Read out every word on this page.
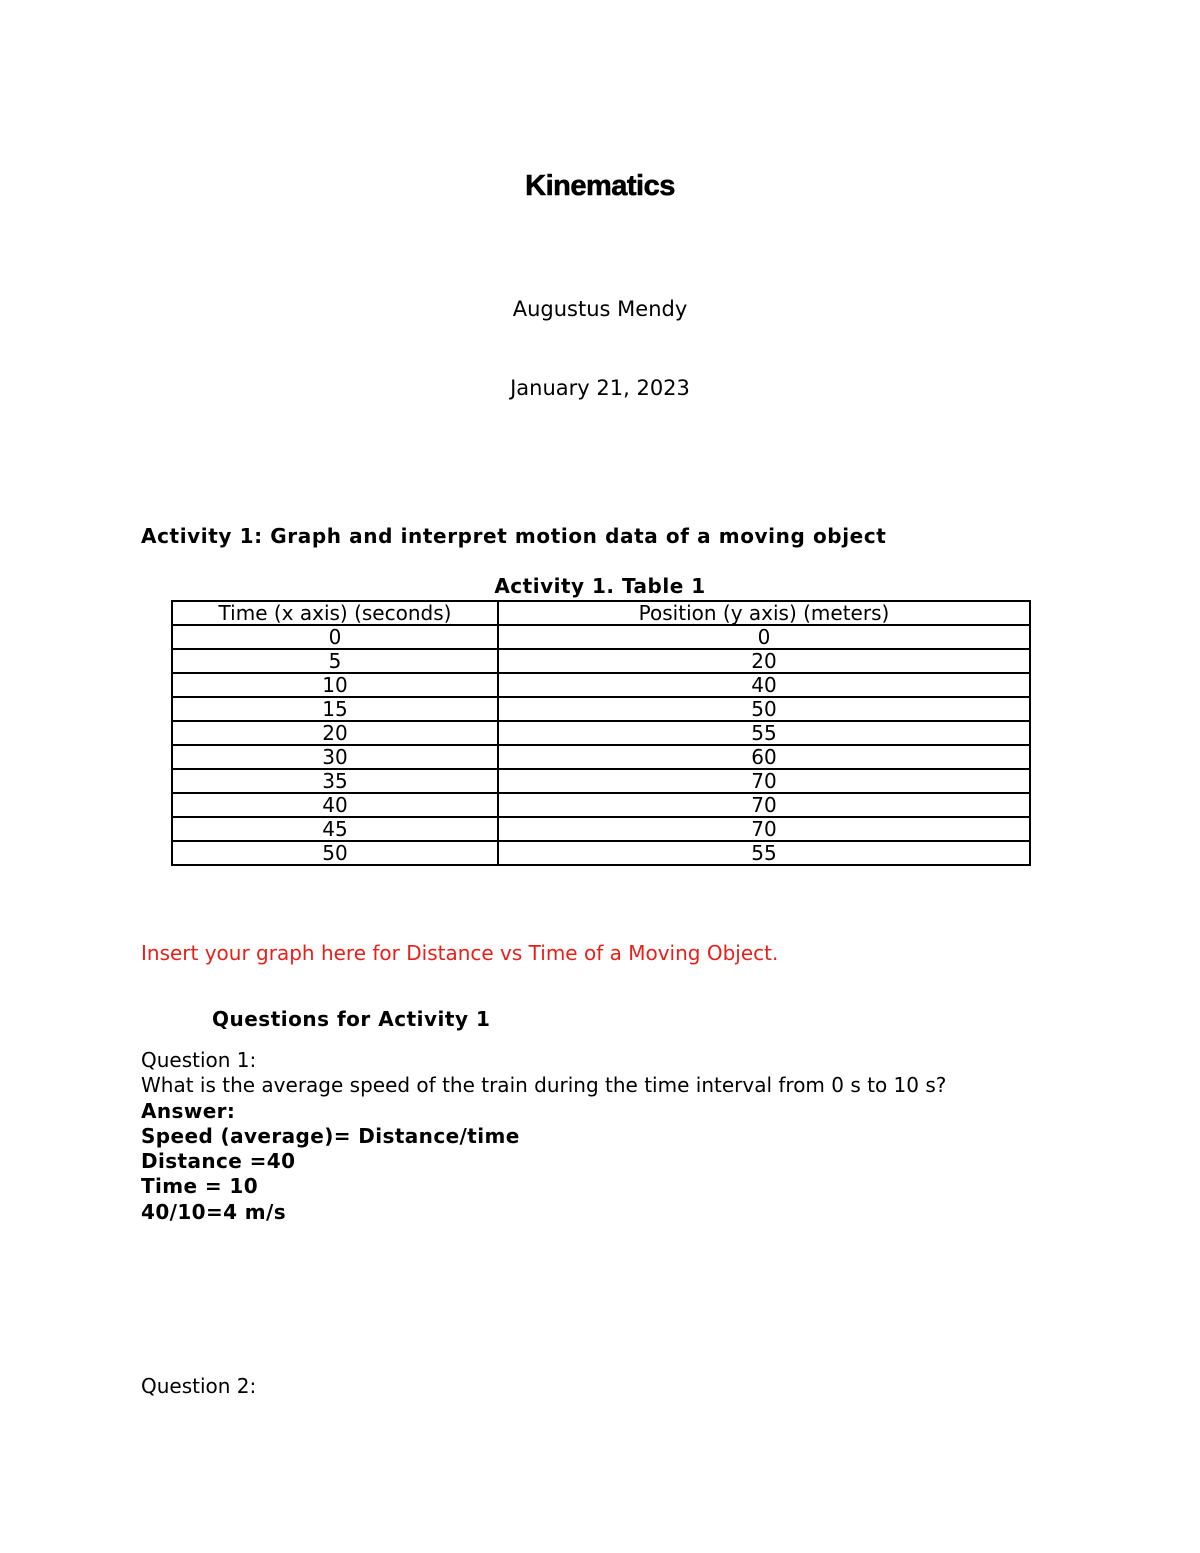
Kinematics
Augustus Mendy
January 21, 2023
Activity 1: Graph and interpret motion data of a moving object
Activity 1. Table 1
Time (x axis) (seconds)	Position (y axis) (meters)
0	0
5	20
10	40
15	50
20	55
30	60
35	70
40	70
45	70
50	55
Insert your graph here for Distance vs Time of a Moving Object.
Questions for Activity 1
Question 1:
What is the average speed of the train during the time interval from 0 s to 10 s?
Answer:
Speed (average)= Distance/time
Distance =40
Time = 10
40/10=4 m/s
Question 2:
